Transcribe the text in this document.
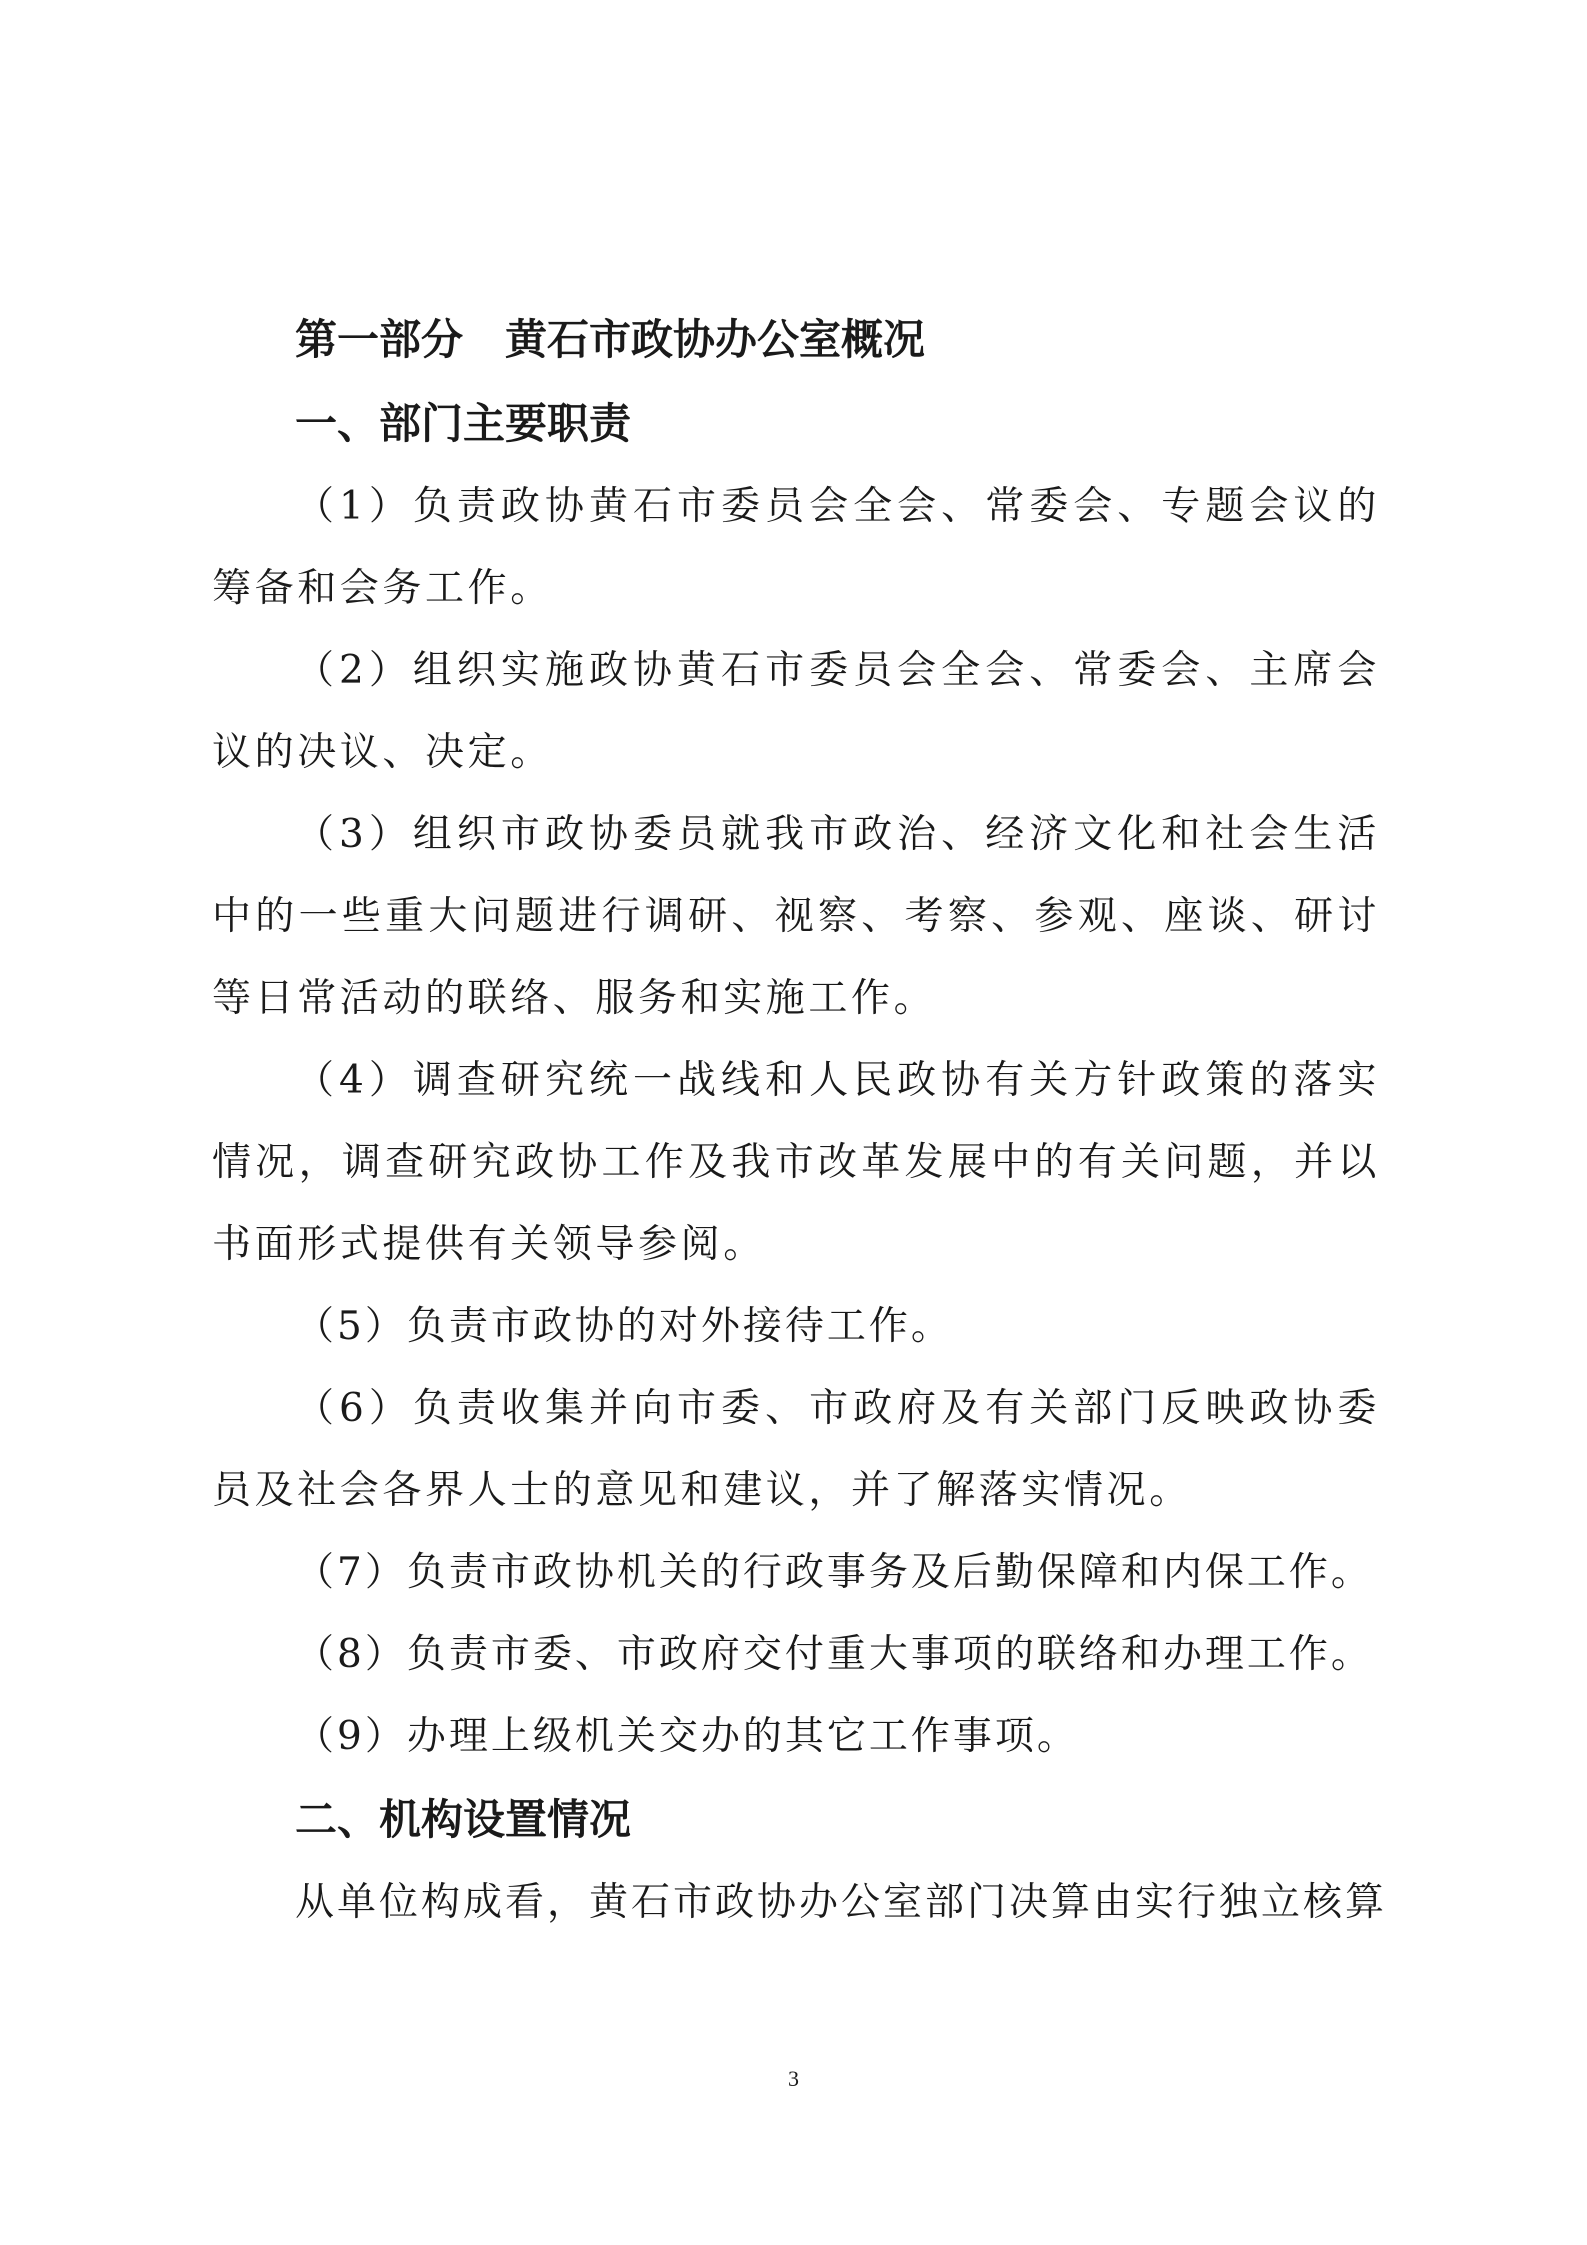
第一部分 黄石市政协办公室概况
一、部门主要职责

（1）负责政协黄石市委员会全会、常委会、专题会议的筹备和会务工作。

（2）组织实施政协黄石市委员会全会、常委会、主席会议的决议、决定。

（3）组织市政协委员就我市政治、经济文化和社会生活中的一些重大问题进行调研、视察、考察、参观、座谈、研讨等日常活动的联络、服务和实施工作。

（4）调查研究统一战线和人民政协有关方针政策的落实情况，调查研究政协工作及我市改革发展中的有关问题，并以书面形式提供有关领导参阅。

（5）负责市政协的对外接待工作。

（6）负责收集并向市委、市政府及有关部门反映政协委员及社会各界人士的意见和建议，并了解落实情况。

（7）负责市政协机关的行政事务及后勤保障和内保工作。

（8）负责市委、市政府交付重大事项的联络和办理工作。

（9）办理上级机关交办的其它工作事项。

二、机构设置情况

从单位构成看，黄石市政协办公室部门决算由实行独立核算

3
